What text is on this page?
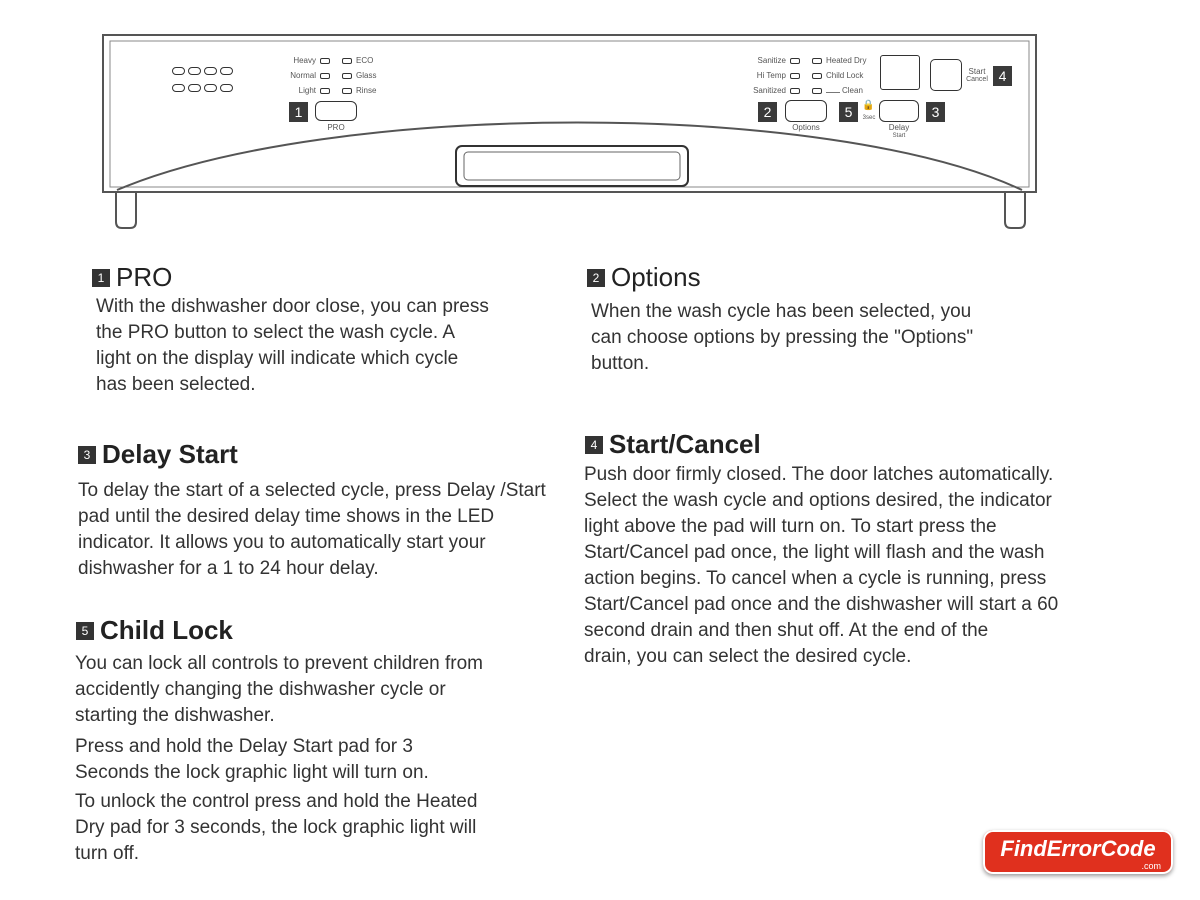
Heavy	ECO
Normal	Glass
Light	Rinse
1
PRO
Sanitize	Heated Dry
Hi Temp	Child Lock
Sanitized	Clean
2
Options
5 🔒
3sec	3
Delay
Start
Start
Cancel 4
1 PRO
With the dishwasher door close, you can press
the PRO button to select the wash cycle. A
light on the display will indicate which cycle
has been selected.
2 Options
When the wash cycle has been selected, you
can choose options by pressing the "Options"
button.
3 Delay Start
To delay the start of a selected cycle, press Delay /Start
pad until the desired delay time shows in the LED
indicator. It allows you to automatically start your
dishwasher for a 1 to 24 hour delay.
4 Start/Cancel
Push door firmly closed. The door latches automatically.
Select the wash cycle and options desired, the indicator
light above the pad will turn on. To start press the
Start/Cancel pad once, the light will flash and the wash
action begins. To cancel when a cycle is running, press
Start/Cancel pad once and the dishwasher will start a 60
second drain and then shut off. At the end of the
drain, you can select the desired cycle.
5 Child Lock
You can lock all controls to prevent children from
accidently changing the dishwasher cycle or
starting the dishwasher.
Press and hold the Delay Start pad for 3
Seconds the lock graphic light will turn on.
To unlock the control press and hold the Heated
Dry pad for 3 seconds, the lock graphic light will
turn off.	FindErrorCode
.com
